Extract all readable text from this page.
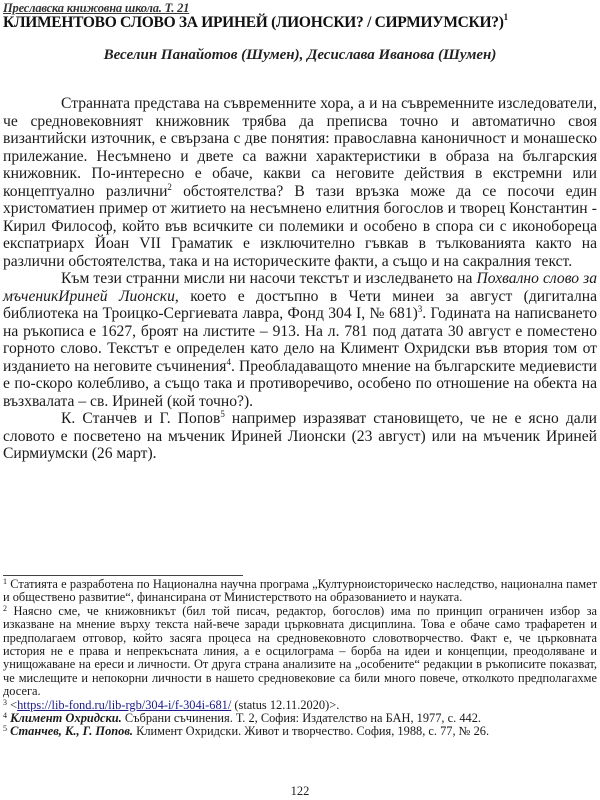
Преславска книжовна школа. Т. 21
КЛИМЕНТОВО СЛОВО ЗА ИРИНЕЙ (ЛИОНСКИ? / СИРМИУМСКИ?)$^1$
Веселин Панайотов (Шумен), Десислава Иванова (Шумен)

Странната представа на съвременните хора, а и на съвременните изследователи, че средновековният книжовник трябва да преписва точно и автоматично своя византийски източник, е свързана с две понятия: православна каноничност и монашеско прилежание. Несъмнено и двете са важни характеристики в образа на българския книжовник. По-интересно е обаче, какви са неговите действия в екстремни или концептуално различни$^2$ обстоятелства? В тази връзка може да се посочи един христоматиен пример от житието на несъмнено елитния богослов и творец Константин - Кирил Философ, който във всичките си полемики и особено в спора си с иконобореца експатриарх Йоан VII Граматик е изключително гъвкав в тълкованията както на различни обстоятелства, така и на историческите факти, а също и на сакралния текст.

Към тези странни мисли ни насочи текстът и изследването на Похвално слово за мъченикИриней Лионски, което е достъпно в Чети минеи за август (дигитална библиотека на Троицко-Сергиевата лавра, Фонд 304 I, № 681)$^3$. Годината на написването на ръкописа е 1627, броят на листите – 913. На л. 781 под датата 30 август е поместено горното слово. Текстът е определен като дело на Климент Охридски във втория том от изданието на неговите съчинения$^4$. Преобладаващото мнение на българските медиевисти е по-скоро колебливо, а също така и противоречиво, особено по отношение на обекта на възхвалата – св. Ириней (кой точно?).

К. Станчев и Г. Попов$^5$ например изразяват становището, че не е ясно дали словото е посветено на мъченик Ириней Лионски (23 август) или на мъченик Ириней Сирмиумски (26 март).

$^1$ Статията е разработена по Национална научна програма „Културноисторическо наследство, национална памет и обществено развитие“, финансирана от Министерството на образованието и науката.

$^2$ Наясно сме, че книжовникът (бил той писач, редактор, богослов) има по принцип ограничен избор за изказване на мнение върху текста най-вече заради църковната дисциплина. Това е обаче само трафаретен и предполагаем отговор, който засяга процеса на средновековното словотворчество. Факт е, че църковната история не е права и непрекъсната линия, а е осцилограма – борба на идеи и концепции, преодоляване и унищожаване на ереси и личности. От друга страна анализите на „особените“ редакции в ръкописите показват, че мислещите и непокорни личности в нашето средновековие са били много повече, отколкото предполагахме досега.

$^3$ <https://lib-fond.ru/lib-rgb/304-i/f-304i-681/ (status 12.11.2020)>.

$^4$ Климент Охридски. Събрани съчинения. Т. 2, София: Издателство на БАН, 1977, с. 442.

$^5$ Станчев, К., Г. Попов. Климент Охридски. Живот и творчество. София, 1988, с. 77, № 26.

122
